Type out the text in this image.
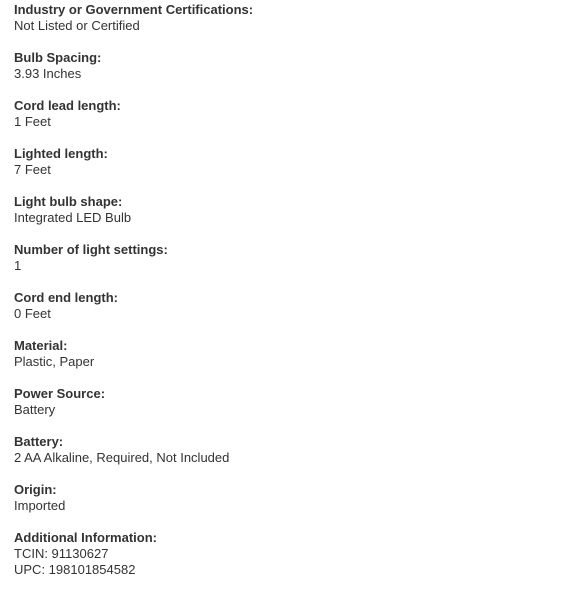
Industry or Government Certifications:
Not Listed or Certified
Bulb Spacing:
3.93 Inches
Cord lead length:
1 Feet
Lighted length:
7 Feet
Light bulb shape:
Integrated LED Bulb
Number of light settings:
1
Cord end length:
0 Feet
Material:
Plastic, Paper
Power Source:
Battery
Battery:
2 AA Alkaline, Required, Not Included
Origin:
Imported
Additional Information:
TCIN: 91130627
UPC: 198101854582
